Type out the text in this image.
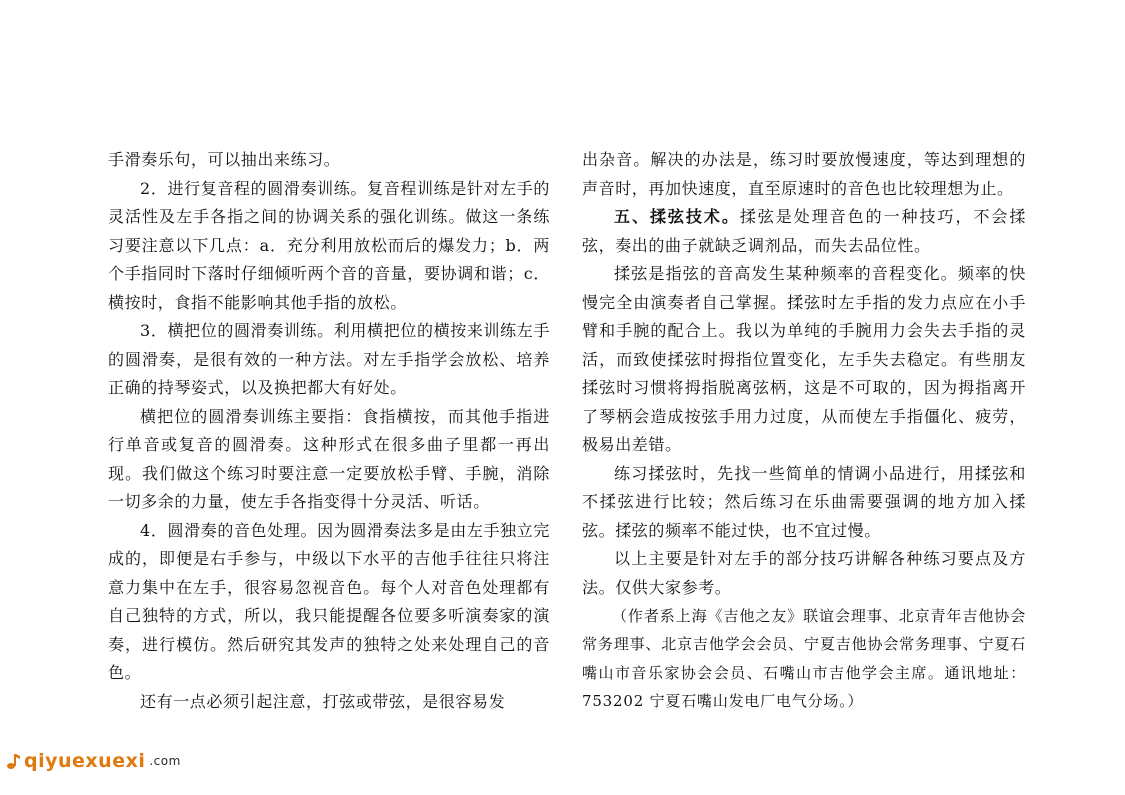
手滑奏乐句，可以抽出来练习。

2．进行复音程的圆滑奏训练。复音程训练是针对左手的灵活性及左手各指之间的协调关系的强化训练。做这一条练习要注意以下几点：a．充分利用放松而后的爆发力；b．两个手指同时下落时仔细倾听两个音的音量，要协调和谐；c．横按时，食指不能影响其他手指的放松。

3．横把位的圆滑奏训练。利用横把位的横按来训练左手的圆滑奏，是很有效的一种方法。对左手指学会放松、培养正确的持琴姿式，以及换把都大有好处。

横把位的圆滑奏训练主要指：食指横按，而其他手指进行单音或复音的圆滑奏。这种形式在很多曲子里都一再出现。我们做这个练习时要注意一定要放松手臂、手腕，消除一切多余的力量，使左手各指变得十分灵活、听话。

4．圆滑奏的音色处理。因为圆滑奏法多是由左手独立完成的，即便是右手参与，中级以下水平的吉他手往往只将注意力集中在左手，很容易忽视音色。每个人对音色处理都有自己独特的方式，所以，我只能提醒各位要多听演奏家的演奏，进行模仿。然后研究其发声的独特之处来处理自己的音色。

还有一点必须引起注意，打弦或带弦，是很容易发

出杂音。解决的办法是，练习时要放慢速度，等达到理想的声音时，再加快速度，直至原速时的音色也比较理想为止。

五、揉弦技术。揉弦是处理音色的一种技巧，不会揉弦，奏出的曲子就缺乏调剂品，而失去品位性。

揉弦是指弦的音高发生某种频率的音程变化。频率的快慢完全由演奏者自己掌握。揉弦时左手指的发力点应在小手臂和手腕的配合上。我以为单纯的手腕用力会失去手指的灵活，而致使揉弦时拇指位置变化，左手失去稳定。有些朋友揉弦时习惯将拇指脱离弦柄，这是不可取的，因为拇指离开了琴柄会造成按弦手用力过度，从而使左手指僵化、疲劳，极易出差错。

练习揉弦时，先找一些简单的情调小品进行，用揉弦和不揉弦进行比较；然后练习在乐曲需要强调的地方加入揉弦。揉弦的频率不能过快，也不宜过慢。

以上主要是针对左手的部分技巧讲解各种练习要点及方法。仅供大家参考。

（作者系上海《吉他之友》联谊会理事、北京青年吉他协会常务理事、北京吉他学会会员、宁夏吉他协会常务理事、宁夏石嘴山市音乐家协会会员、石嘴山市吉他学会主席。通讯地址：753202 宁夏石嘴山发电厂电气分场。）

qiyuexuexi .com
